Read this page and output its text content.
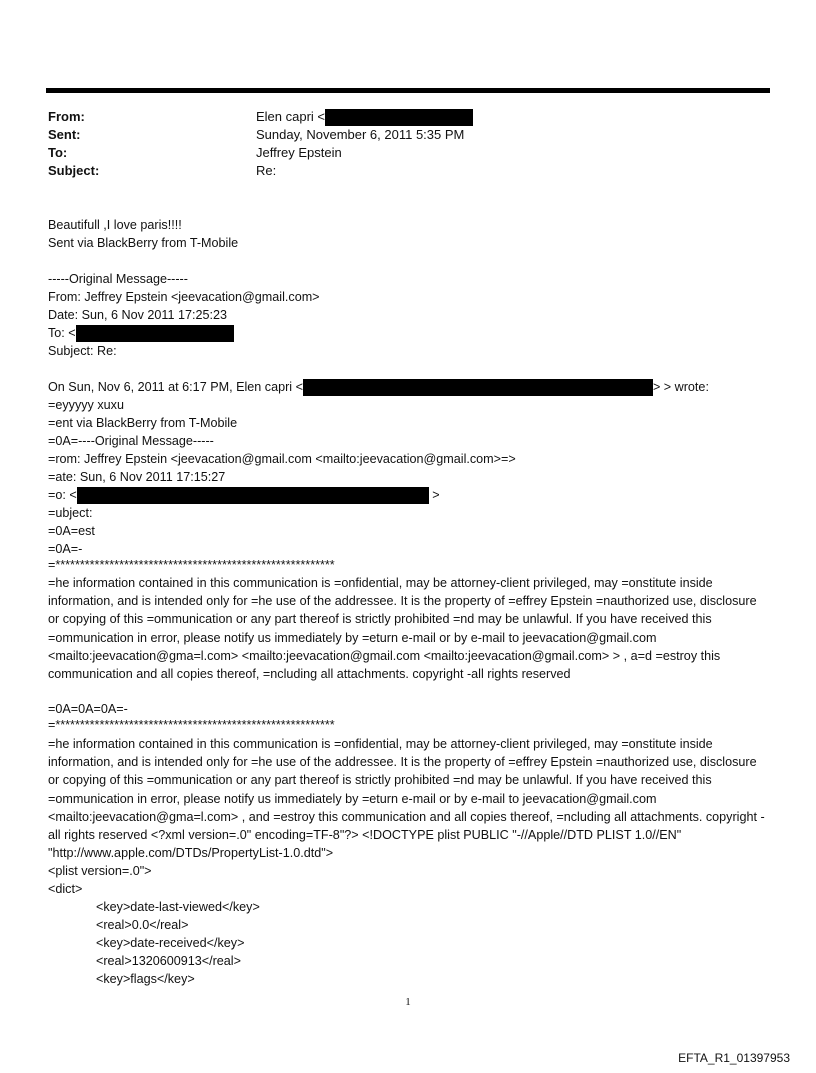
From:	Elen capri <
Sent:	Sunday, November 6, 2011 5:35 PM
To:	Jeffrey Epstein
Subject:	Re:
Beautifull ,I love paris!!!!
Sent via BlackBerry from T-Mobile
-----Original Message-----
From: Jeffrey Epstein <jeevacation@gmail.com>
Date: Sun, 6 Nov 2011 17:25:23
To: <
Subject: Re:
On Sun, Nov 6, 2011 at 6:17 PM, Elen capri <	> > wrote:
=eyyyyy xuxu
=ent via BlackBerry from T-Mobile
=0A=----Original Message-----
=rom: Jeffrey Epstein <jeevacation@gmail.com <mailto:jeevacation@gmail.com>=>
=ate: Sun, 6 Nov 2011 17:15:27
=o: <	>
=ubject:
=0A=est
=0A=-
=*********************************************************
=he information contained in this communication is =onfidential, may be attorney-client privileged, may =onstitute inside information, and is intended only for =he use of the addressee. It is the property of =effrey Epstein =nauthorized use, disclosure or copying of this =ommunication or any part thereof is strictly prohibited =nd may be unlawful. If you have received this =ommunication in error, please notify us immediately by =eturn e-mail or by e-mail to jeevacation@gmail.com <mailto:jeevacation@gma=l.com> <mailto:jeevacation@gmail.com <mailto:jeevacation@gmail.com> > , a=d =estroy this communication and all copies thereof, =ncluding all attachments. copyright -all rights reserved
=0A=0A=0A=-
=*********************************************************
=he information contained in this communication is =onfidential, may be attorney-client privileged, may =onstitute inside information, and is intended only for =he use of the addressee. It is the property of =effrey Epstein =nauthorized use, disclosure or copying of this =ommunication or any part thereof is strictly prohibited =nd may be unlawful. If you have received this =ommunication in error, please notify us immediately by =eturn e-mail or by e-mail to jeevacation@gmail.com <mailto:jeevacation@gma=l.com> , and =estroy this communication and all copies thereof, =ncluding all attachments. copyright -all rights reserved <?xml version=.0" encoding=TF-8"?> <!DOCTYPE plist PUBLIC "-//Apple//DTD PLIST 1.0//EN" "http://www.apple.com/DTDs/PropertyList-1.0.dtd">
<plist version=.0">
<dict>
<key>date-last-viewed</key>
<real>0.0</real>
<key>date-received</key>
<real>1320600913</real>
<key>flags</key>
1
EFTA_R1_01397953
